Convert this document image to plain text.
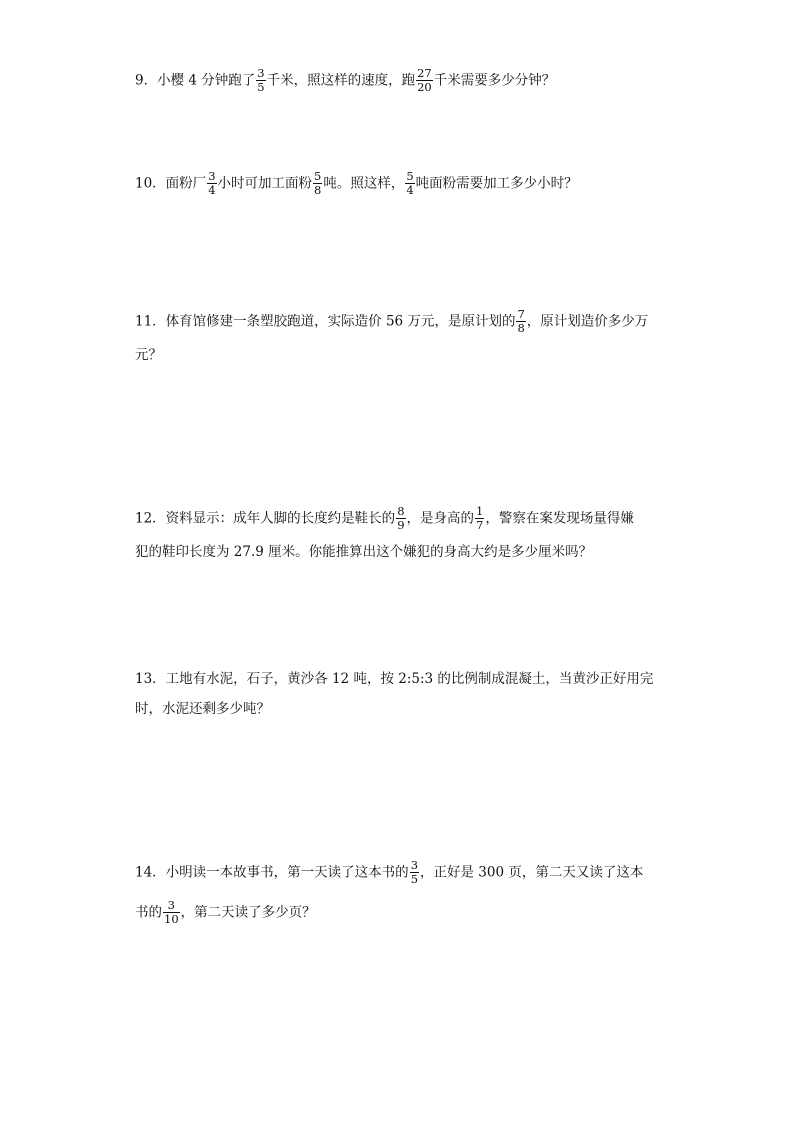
9．小樱 4 分钟跑了 $\frac{3}{5}$ 千米，照这样的速度，跑 $\frac{27}{20}$ 千米需要多少分钟？
10．面粉厂 $\frac{3}{4}$ 小时可加工面粉 $\frac{5}{8}$ 吨。照这样， $\frac{5}{4}$ 吨面粉需要加工多少小时？
11．体育馆修建一条塑胶跑道，实际造价 56 万元，是原计划的 $\frac{7}{8}$ ，原计划造价多少万
元？
12．资料显示：成年人脚的长度约是鞋长的 $\frac{8}{9}$ ，是身高的 $\frac{1}{7}$ ，警察在案发现场量得嫌
犯的鞋印长度为 27.9 厘米。你能推算出这个嫌犯的身高大约是多少厘米吗？
13．工地有水泥，石子，黄沙各 12 吨，按 2:5:3 的比例制成混凝土，当黄沙正好用完
时，水泥还剩多少吨？
14．小明读一本故事书，第一天读了这本书的 $\frac{3}{5}$ ，正好是 300 页，第二天又读了这本
书的 $\frac{3}{10}$ ，第二天读了多少页？
